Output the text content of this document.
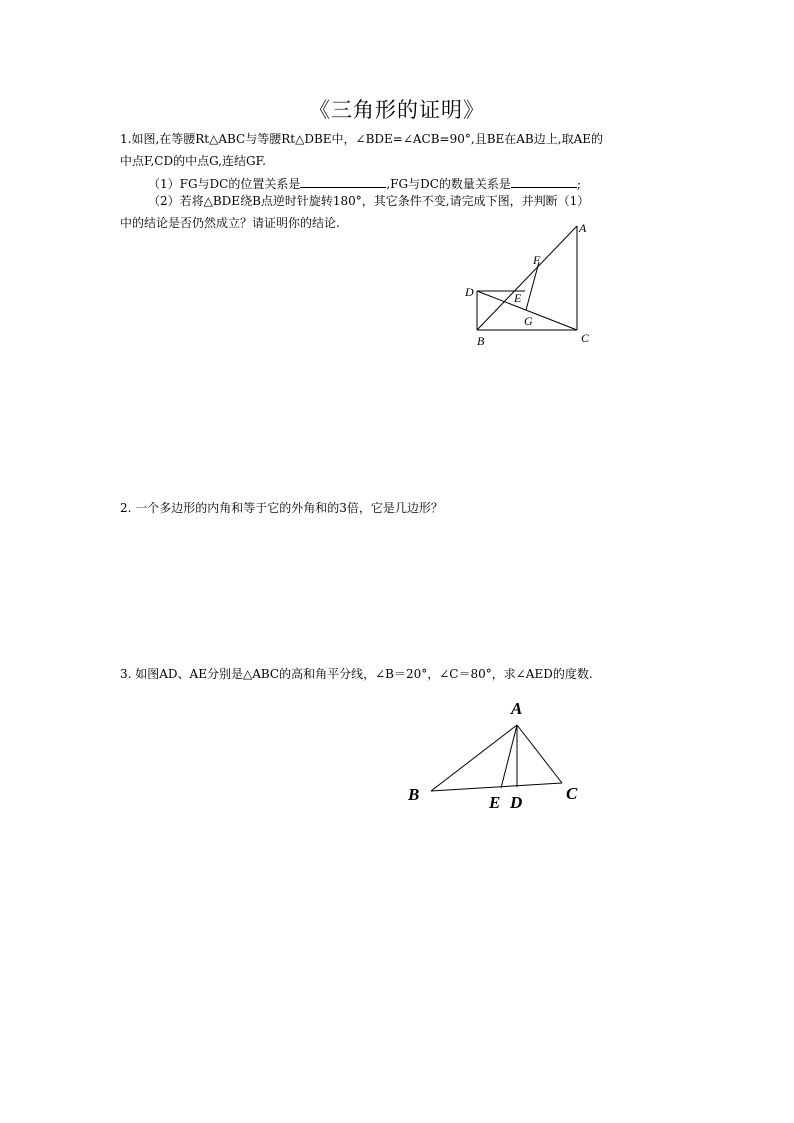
《三角形的证明》
1.如图,在等腰Rt△ABC与等腰Rt△DBE中，∠BDE=∠ACB=90°,且BE在AB边上,取AE的
中点F,CD的中点G,连结GF.
（1）FG与DC的位置关系是	,FG与DC的数量关系是	;
（2）若将△BDE绕B点逆时针旋转180°，其它条件不变,请完成下图，并判断（1）
中的结论是否仍然成立？请证明你的结论.	A
B	C
D	E
F
G
2. 一个多边形的内角和等于它的外角和的3倍，它是几边形？
3. 如图AD、AE分别是△ABC的高和角平分线，∠B＝20°，∠C＝80°，求∠AED的度数.
A
B	C
E D
